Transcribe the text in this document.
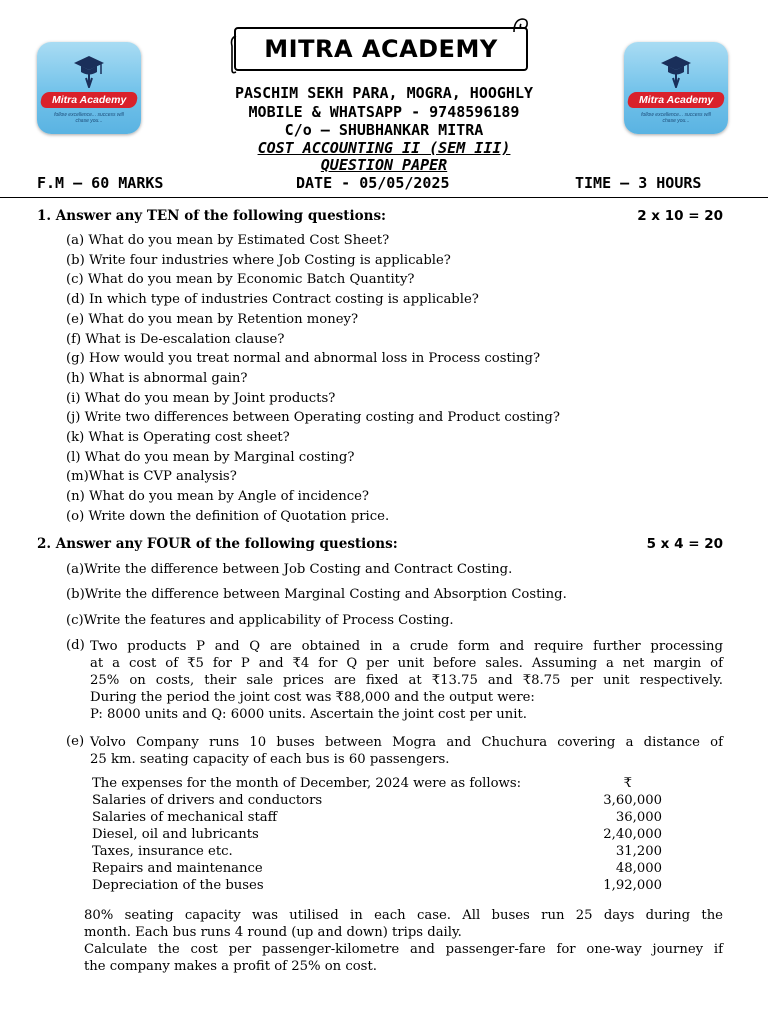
Mitra Academy
follow excellence... success will chase you...
Mitra Academy
follow excellence... success will chase you...
MITRA ACADEMY
PASCHIM SEKH PARA, MOGRA, HOOGHLY
MOBILE & WHATSAPP - 9748596189
C/o – SHUBHANKAR MITRA
COST ACCOUNTING II (SEM III)
QUESTION PAPER
F.M – 60 MARKS	DATE - 05/05/2025	TIME – 3 HOURS
1. Answer any TEN of the following questions:	2 x 10 = 20
(a) What do you mean by Estimated Cost Sheet?
(b) Write four industries where Job Costing is applicable?
(c) What do you mean by Economic Batch Quantity?
(d) In which type of industries Contract costing is applicable?
(e) What do you mean by Retention money?
(f) What is De-escalation clause?
(g) How would you treat normal and abnormal loss in Process costing?
(h) What is abnormal gain?
(i) What do you mean by Joint products?
(j) Write two differences between Operating costing and Product costing?
(k) What is Operating cost sheet?
(l) What do you mean by Marginal costing?
(m)What is CVP analysis?
(n) What do you mean by Angle of incidence?
(o) Write down the definition of Quotation price.
2. Answer any FOUR of the following questions:	5 x 4 = 20
(a)Write the difference between Job Costing and Contract Costing.
(b)Write the difference between Marginal Costing and Absorption Costing.
(c)Write the features and applicability of Process Costing.
(d) Two products P and Q are obtained in a crude form and require further processing
at a cost of ₹5 for P and ₹4 for Q per unit before sales. Assuming a net margin of
25% on costs, their sale prices are fixed at ₹13.75 and ₹8.75 per unit respectively.
During the period the joint cost was ₹88,000 and the output were:
P: 8000 units and Q: 6000 units. Ascertain the joint cost per unit.
(e) Volvo Company runs 10 buses between Mogra and Chuchura covering a distance of
25 km. seating capacity of each bus is 60 passengers.
The expenses for the month of December, 2024 were as follows:	₹
Salaries of drivers and conductors	3,60,000
Salaries of mechanical staff	36,000
Diesel, oil and lubricants	2,40,000
Taxes, insurance etc.	31,200
Repairs and maintenance	48,000
Depreciation of the buses	1,92,000
80% seating capacity was utilised in each case. All buses run 25 days during the
month. Each bus runs 4 round (up and down) trips daily.
Calculate the cost per passenger-kilometre and passenger-fare for one-way journey if
the company makes a profit of 25% on cost.
